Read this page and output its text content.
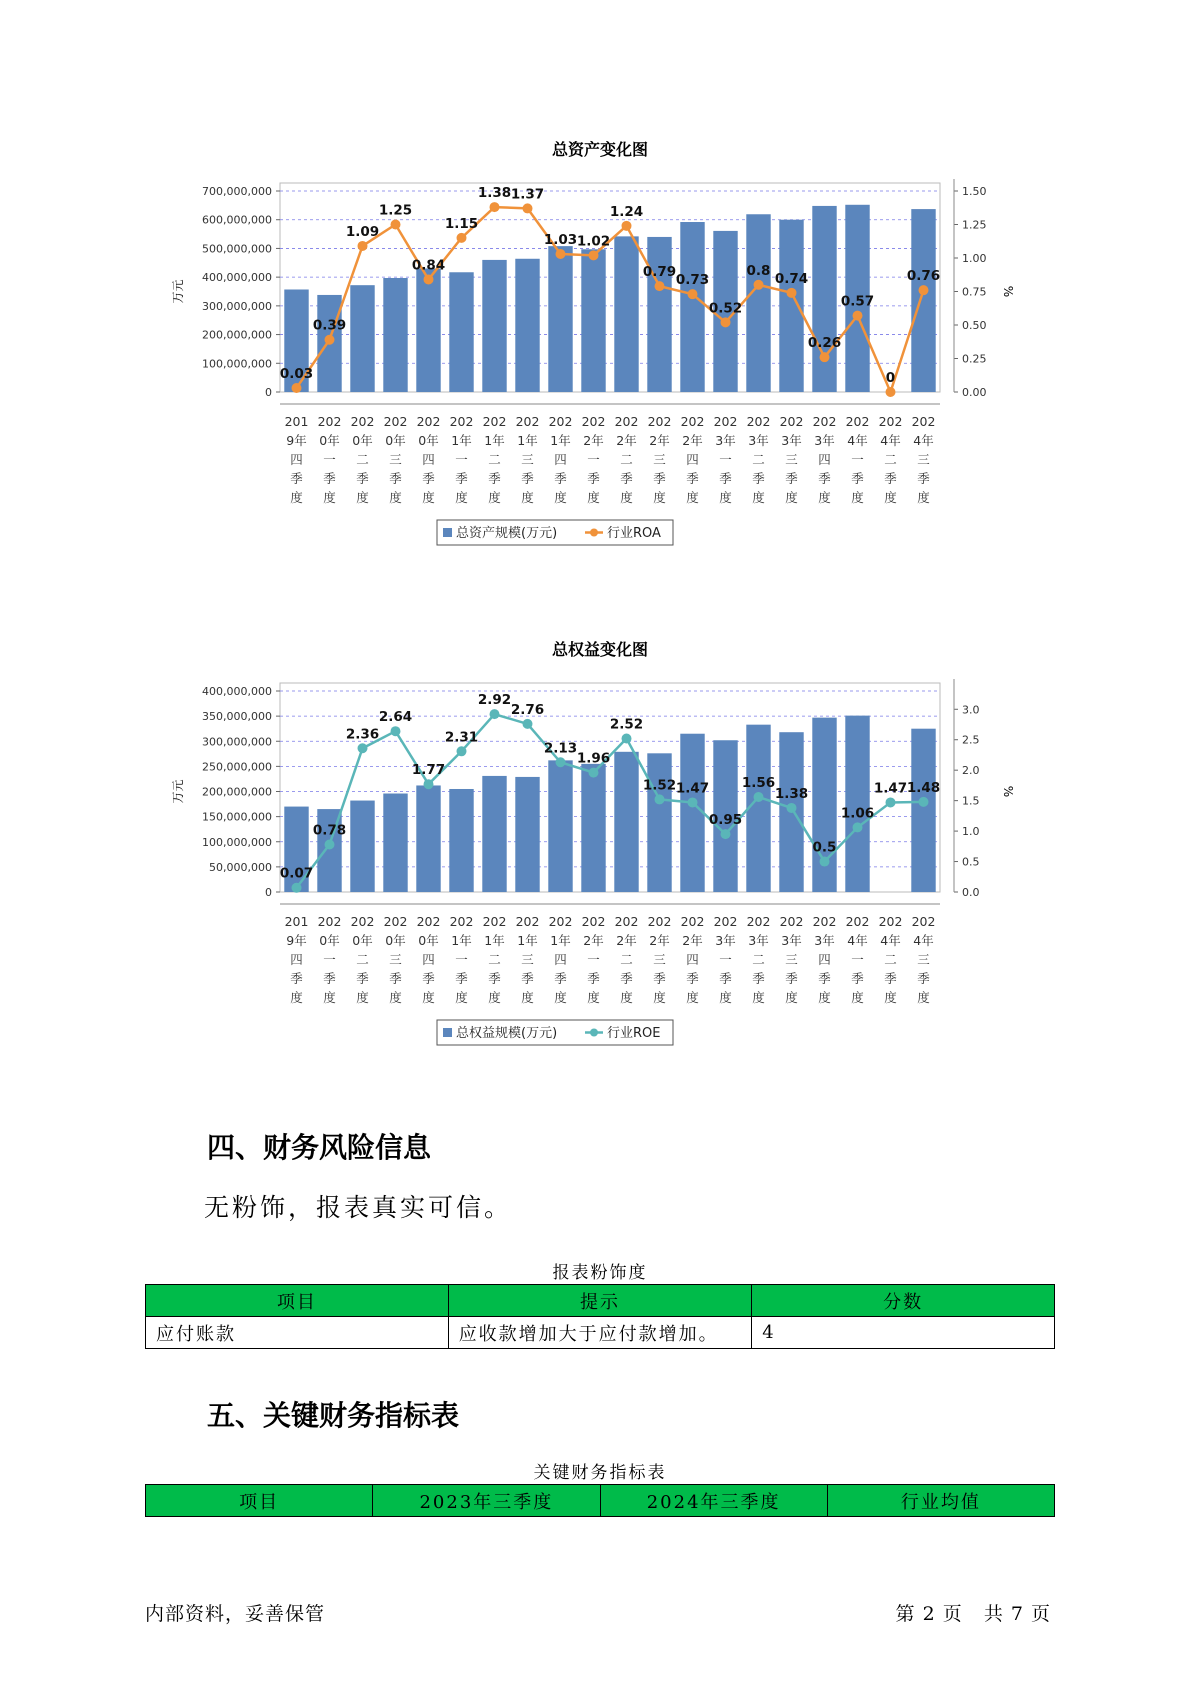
总资产变化图
0
100,000,000
200,000,000
300,000,000
400,000,000
500,000,000
600,000,000
700,000,000
0.00
0.25
0.50
0.75
1.00
1.25
1.50
万元	%
201
9年
四
季
度
202
0年
一
季
度
202
0年
二
季
度
202
0年
三
季
度
202
0年
四
季
度
202
1年
一
季
度
202
1年
二
季
度
202
1年
三
季
度
202
1年
四
季
度
202
2年
一
季
度
202
2年
二
季
度
202
2年
三
季
度
202
2年
四
季
度
202
3年
一
季
度
202
3年
二
季
度
202
3年
三
季
度
202
3年
四
季
度
202
4年
一
季
度
202
4年
二
季
度
202
4年
三
季
度
0.03
0.39
1.09
1.25
0.84
1.15
1.38 1.37
1.03 1.02
1.24
0.79
0.73
0.52
0.8
0.74
0.26
0.57
0
0.76
总资产规模(万元)	行业ROA
总权益变化图
0
50,000,000
100,000,000
150,000,000
200,000,000
250,000,000
300,000,000
350,000,000
400,000,000
0.0
0.5
1.0
1.5
2.0
2.5
3.0
万元	%
201
9年
四
季
度
202
0年
一
季
度
202
0年
二
季
度
202
0年
三
季
度
202
0年
四
季
度
202
1年
一
季
度
202
1年
二
季
度
202
1年
三
季
度
202
1年
四
季
度
202
2年
一
季
度
202
2年
二
季
度
202
2年
三
季
度
202
2年
四
季
度
202
3年
一
季
度
202
3年
二
季
度
202
3年
三
季
度
202
3年
四
季
度
202
4年
一
季
度
202
4年
二
季
度
202
4年
三
季
度
0.07
0.78
2.36
2.64
1.77
2.31
2.92
2.76
2.13
1.96
2.52
1.52 1.47
0.95
1.56
1.38
0.5
1.06
1.47 1.48
总权益规模(万元)	行业ROE
四、财务风险信息

无粉饰，报表真实可信。

报表粉饰度
项目	提示	分数
应付账款	应收款增加大于应付款增加。	4
五、关键财务指标表
关键财务指标表
项目	2023年三季度	2024年三季度	行业均值
内部资料，妥善保管	第 2 页   共 7 页
